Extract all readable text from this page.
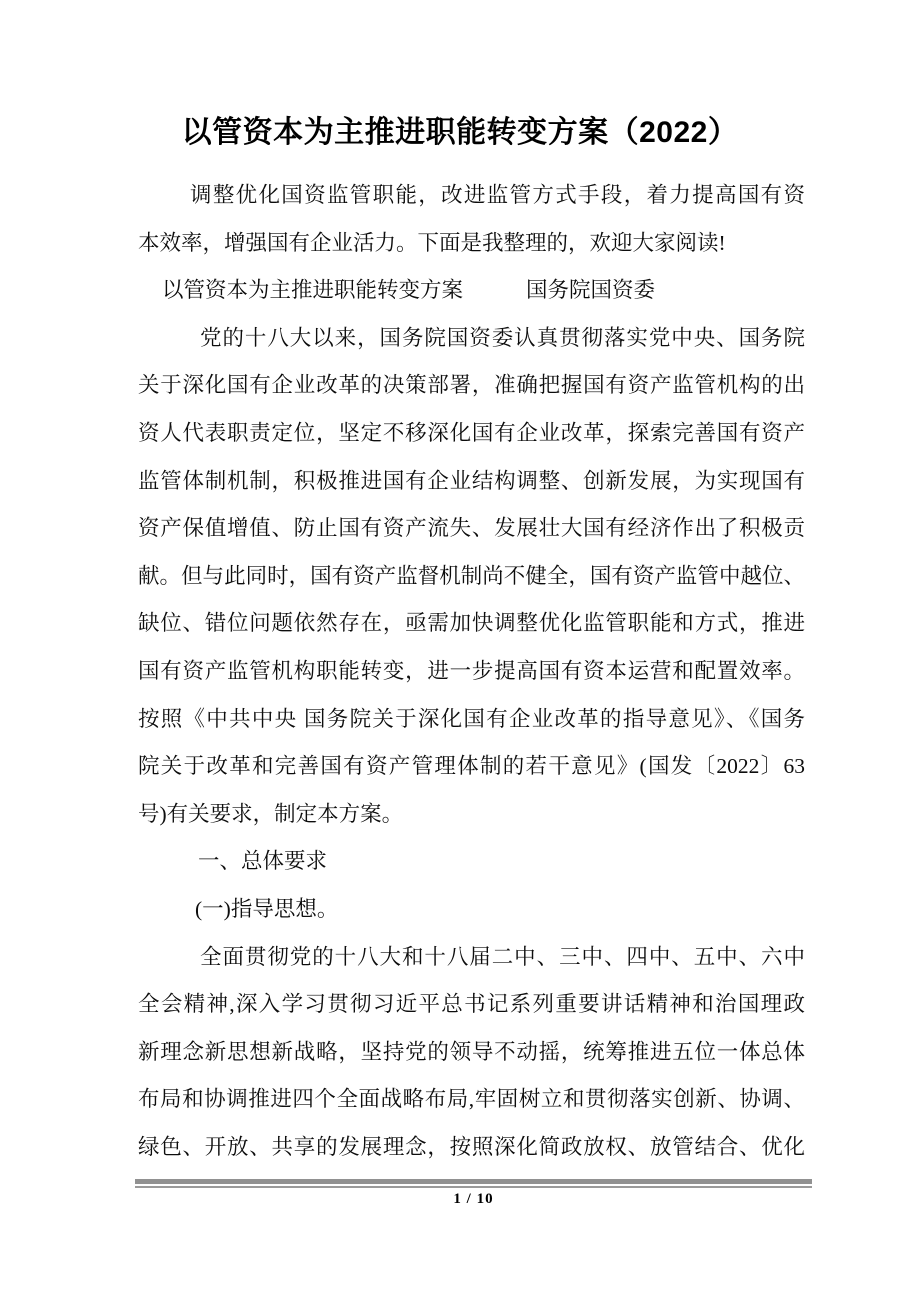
以管资本为主推进职能转变方案（2022）
调整优化国资监管职能，改进监管方式手段，着力提高国有资
本效率，增强国有企业活力。下面是我整理的，欢迎大家阅读!
以管资本为主推进职能转变方案	国务院国资委
党的十八大以来，国务院国资委认真贯彻落实党中央、国务院
关于深化国有企业改革的决策部署，准确把握国有资产监管机构的出
资人代表职责定位，坚定不移深化国有企业改革，探索完善国有资产
监管体制机制，积极推进国有企业结构调整、创新发展，为实现国有
资产保值增值、防止国有资产流失、发展壮大国有经济作出了积极贡
献。但与此同时，国有资产监督机制尚不健全，国有资产监管中越位、
缺位、错位问题依然存在，亟需加快调整优化监管职能和方式，推进
国有资产监管机构职能转变，进一步提高国有资本运营和配置效率。
按照《中共中央 国务院关于深化国有企业改革的指导意见》、《国务
院关于改革和完善国有资产管理体制的若干意见》(国发〔2022〕63
号)有关要求，制定本方案。
一、总体要求
(一)指导思想。
全面贯彻党的十八大和十八届二中、三中、四中、五中、六中
全会精神,深入学习贯彻习近平总书记系列重要讲话精神和治国理政
新理念新思想新战略，坚持党的领导不动摇，统筹推进五位一体总体
布局和协调推进四个全面战略布局,牢固树立和贯彻落实创新、协调、
绿色、开放、共享的发展理念，按照深化简政放权、放管结合、优化
1 / 10
